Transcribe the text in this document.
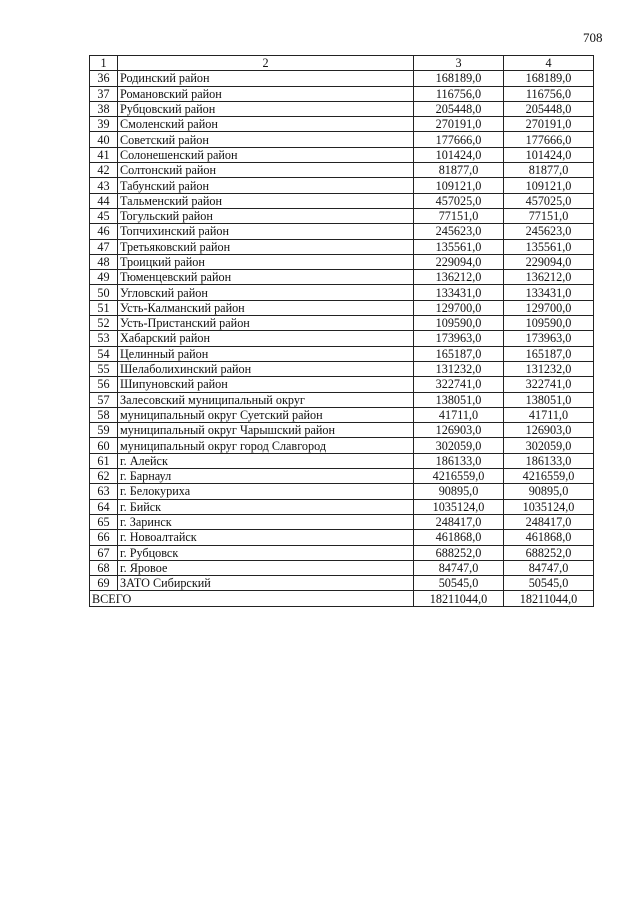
708
1	2	3	4
36	Родинский район	168189,0	168189,0
37	Романовский район	116756,0	116756,0
38	Рубцовский район	205448,0	205448,0
39	Смоленский район	270191,0	270191,0
40	Советский район	177666,0	177666,0
41	Солонешенский район	101424,0	101424,0
42	Солтонский район	81877,0	81877,0
43	Табунский район	109121,0	109121,0
44	Тальменский район	457025,0	457025,0
45	Тогульский район	77151,0	77151,0
46	Топчихинский район	245623,0	245623,0
47	Третьяковский район	135561,0	135561,0
48	Троицкий район	229094,0	229094,0
49	Тюменцевский район	136212,0	136212,0
50	Угловский район	133431,0	133431,0
51	Усть-Калманский район	129700,0	129700,0
52	Усть-Пристанский район	109590,0	109590,0
53	Хабарский район	173963,0	173963,0
54	Целинный район	165187,0	165187,0
55	Шелаболихинский район	131232,0	131232,0
56	Шипуновский район	322741,0	322741,0
57	Залесовский муниципальный округ	138051,0	138051,0
58	муниципальный округ Суетский район	41711,0	41711,0
59	муниципальный округ Чарышский район	126903,0	126903,0
60	муниципальный округ город Славгород	302059,0	302059,0
61	г. Алейск	186133,0	186133,0
62	г. Барнаул	4216559,0	4216559,0
63	г. Белокуриха	90895,0	90895,0
64	г. Бийск	1035124,0	1035124,0
65	г. Заринск	248417,0	248417,0
66	г. Новоалтайск	461868,0	461868,0
67	г. Рубцовск	688252,0	688252,0
68	г. Яровое	84747,0	84747,0
69	ЗАТО Сибирский	50545,0	50545,0
ВСЕГО		18211044,0	18211044,0
